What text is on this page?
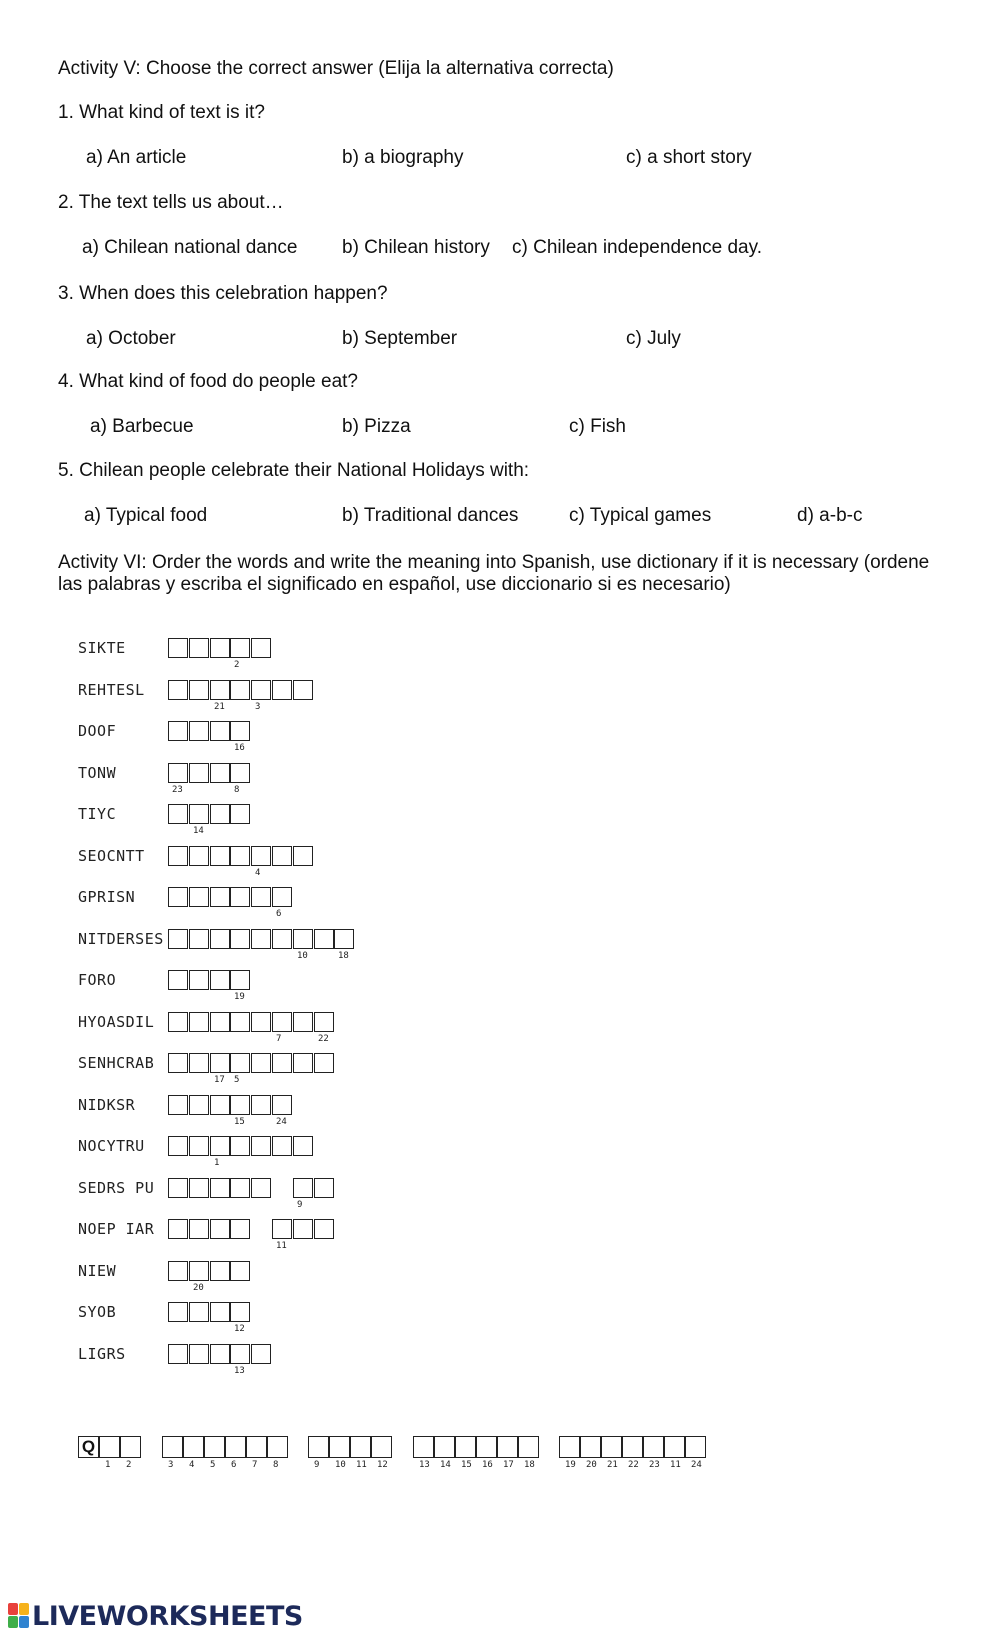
Activity V: Choose the correct answer (Elija la alternativa correcta)
1. What kind of text is it?
a) An article	b) a biography	c) a short story
2. The text tells us about…
a) Chilean national dance b) Chilean history c) Chilean independence day.
3. When does this celebration happen?
a) October	b) September	c) July
4. What kind of food do people eat?
a) Barbecue	b) Pizza	c) Fish
5. Chilean people celebrate their National Holidays with:
a) Typical food	b) Traditional dances	c) Typical games	d) a-b-c
Activity VI: Order the words and write the meaning into Spanish, use dictionary if it is necessary (ordene las palabras y escriba el significado en español, use diccionario si es necesario)
SIKTE
2
REHTESL
21	3
DOOF
16
TONW
23	8
TIYC
14
SEOCNTT
4
GPRISN
6
NITDERSES
10	18
FORO
19
HYOASDIL
7	22
SENHCRAB
17 5
NIDKSR
15	24
NOCYTRU
1
SEDRS PU
9
NOEP IAR
11
NIEW
20
SYOB
12
LIGRS
13
Q
1 2	3 4 5 6 7 8	9 10 11 12	13 14 15 16 17 18	19 20 21 22 23 11 24
LIVEWORKSHEETS
